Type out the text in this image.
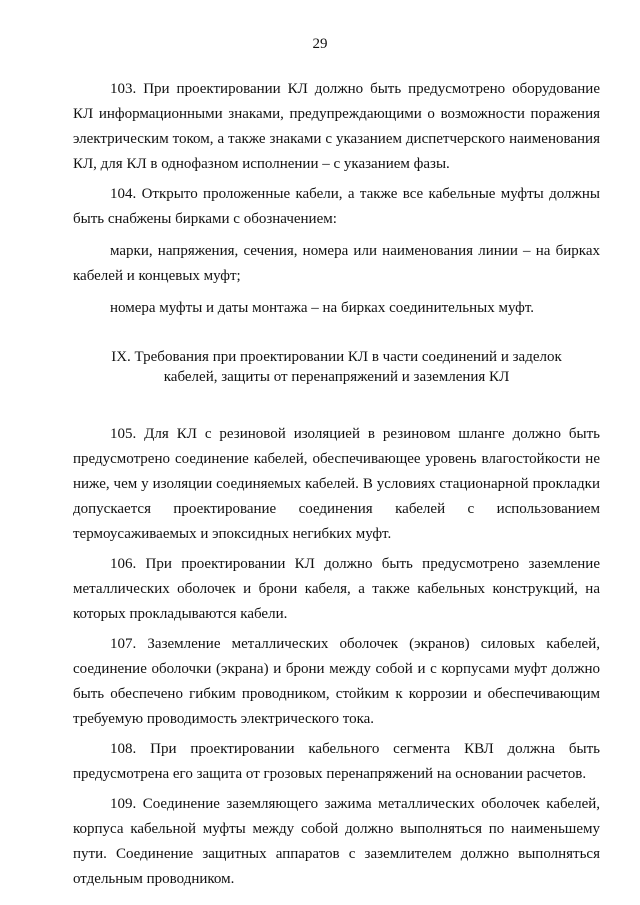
29

103. При проектировании КЛ должно быть предусмотрено оборудование КЛ информационными знаками, предупреждающими о возможности поражения электрическим током, а также знаками с указанием диспетчерского наименования КЛ, для КЛ в однофазном исполнении – с указанием фазы.

104. Открыто проложенные кабели, а также все кабельные муфты должны быть снабжены бирками с обозначением:

марки, напряжения, сечения, номера или наименования линии – на бирках кабелей и концевых муфт;

номера муфты и даты монтажа – на бирках соединительных муфт.

IX. Требования при проектировании КЛ в части соединений и заделок
кабелей, защиты от перенапряжений и заземления КЛ

105. Для КЛ с резиновой изоляцией в резиновом шланге должно быть предусмотрено соединение кабелей, обеспечивающее уровень влагостойкости не ниже, чем у изоляции соединяемых кабелей. В условиях стационарной прокладки допускается проектирование соединения кабелей с использованием термоусаживаемых и эпоксидных негибких муфт.

106. При проектировании КЛ должно быть предусмотрено заземление металлических оболочек и брони кабеля, а также кабельных конструкций, на которых прокладываются кабели.

107. Заземление металлических оболочек (экранов) силовых кабелей, соединение оболочки (экрана) и брони между собой и с корпусами муфт должно быть обеспечено гибким проводником, стойким к коррозии и обеспечивающим требуемую проводимость электрического тока.

108. При проектировании кабельного сегмента КВЛ должна быть предусмотрена его защита от грозовых перенапряжений на основании расчетов.

109. Соединение заземляющего зажима металлических оболочек кабелей, корпуса кабельной муфты между собой должно выполняться по наименьшему пути. Соединение защитных аппаратов с заземлителем должно выполняться отдельным проводником.
